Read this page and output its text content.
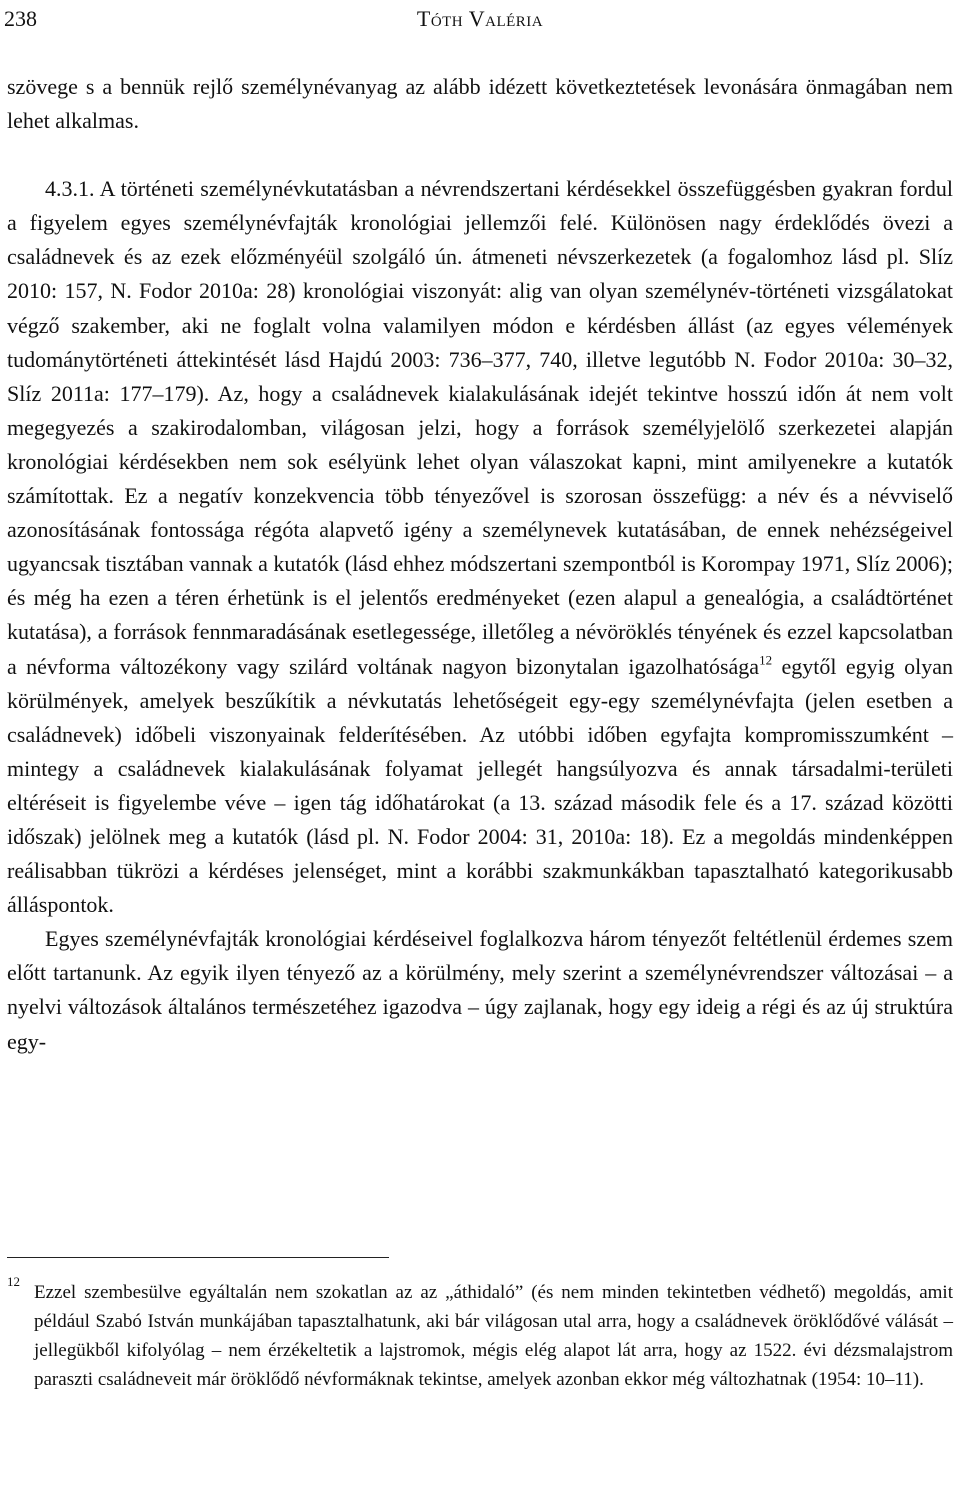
238	Tóth Valéria

szövege s a bennük rejlő személynévanyag az alább idézett következtetések levonására önmagában nem lehet alkalmas.

4.3.1. A történeti személynévkutatásban a névrendszertani kérdésekkel összefüggésben gyakran fordul a figyelem egyes személynévfajták kronológiai jellemzői felé. Különösen nagy érdeklődés övezi a családnevek és az ezek előzményéül szolgáló ún. átmeneti névszerkezetek (a fogalomhoz lásd pl. Slíz 2010: 157, N. Fodor 2010a: 28) kronológiai viszonyát: alig van olyan személynév-történeti vizsgálatokat végző szakember, aki ne foglalt volna valamilyen módon e kérdésben állást (az egyes vélemények tudománytörténeti áttekintését lásd Hajdú 2003: 736–377, 740, illetve legutóbb N. Fodor 2010a: 30–32, Slíz 2011a: 177–179). Az, hogy a családnevek kialakulásának idejét tekintve hosszú időn át nem volt megegyezés a szakirodalomban, világosan jelzi, hogy a források személyjelölő szerkezetei alapján kronológiai kérdésekben nem sok esélyünk lehet olyan válaszokat kapni, mint amilyenekre a kutatók számítottak. Ez a negatív konzekvencia több tényezővel is szorosan összefügg: a név és a névviselő azonosításának fontossága régóta alapvető igény a személynevek kutatásában, de ennek nehézségeivel ugyancsak tisztában vannak a kutatók (lásd ehhez módszertani szempontból is Korompay 1971, Slíz 2006); és még ha ezen a téren érhetünk is el jelentős eredményeket (ezen alapul a genealógia, a családtörténet kutatása), a források fennmaradásának esetlegessége, illetőleg a névöröklés tényének és ezzel kapcsolatban a névforma változékony vagy szilárd voltának nagyon bizonytalan igazolhatósága$^{12}$ egytől egyig olyan körülmények, amelyek beszűkítik a névkutatás lehetőségeit egy-egy személynévfajta (jelen esetben a családnevek) időbeli viszonyainak felderítésében. Az utóbbi időben egyfajta kompromisszumként – mintegy a családnevek kialakulásának folyamat jellegét hangsúlyozva és annak társadalmi-területi eltéréseit is figyelembe véve – igen tág időhatárokat (a 13. század második fele és a 17. század közötti időszak) jelölnek meg a kutatók (lásd pl. N. Fodor 2004: 31, 2010a: 18). Ez a megoldás mindenképpen reálisabban tükrözi a kérdéses jelenséget, mint a korábbi szakmunkákban tapasztalható kategorikusabb álláspontok.

Egyes személynévfajták kronológiai kérdéseivel foglalkozva három tényezőt feltétlenül érdemes szem előtt tartanunk. Az egyik ilyen tényező az a körülmény, mely szerint a személynévrendszer változásai – a nyelvi változások általános természetéhez igazodva – úgy zajlanak, hogy egy ideig a régi és az új struktúra egy-

12
Ezzel szembesülve egyáltalán nem szokatlan az az „áthidaló” (és nem minden tekintetben védhető) megoldás, amit például Szabó István munkájában tapasztalhatunk, aki bár világosan utal arra, hogy a családnevek öröklődővé válását – jellegükből kifolyólag – nem érzékeltetik a lajstromok, mégis elég alapot lát arra, hogy az 1522. évi dézsmalajstrom paraszti családneveit már öröklődő névformáknak tekintse, amelyek azonban ekkor még változhatnak (1954: 10–11).
